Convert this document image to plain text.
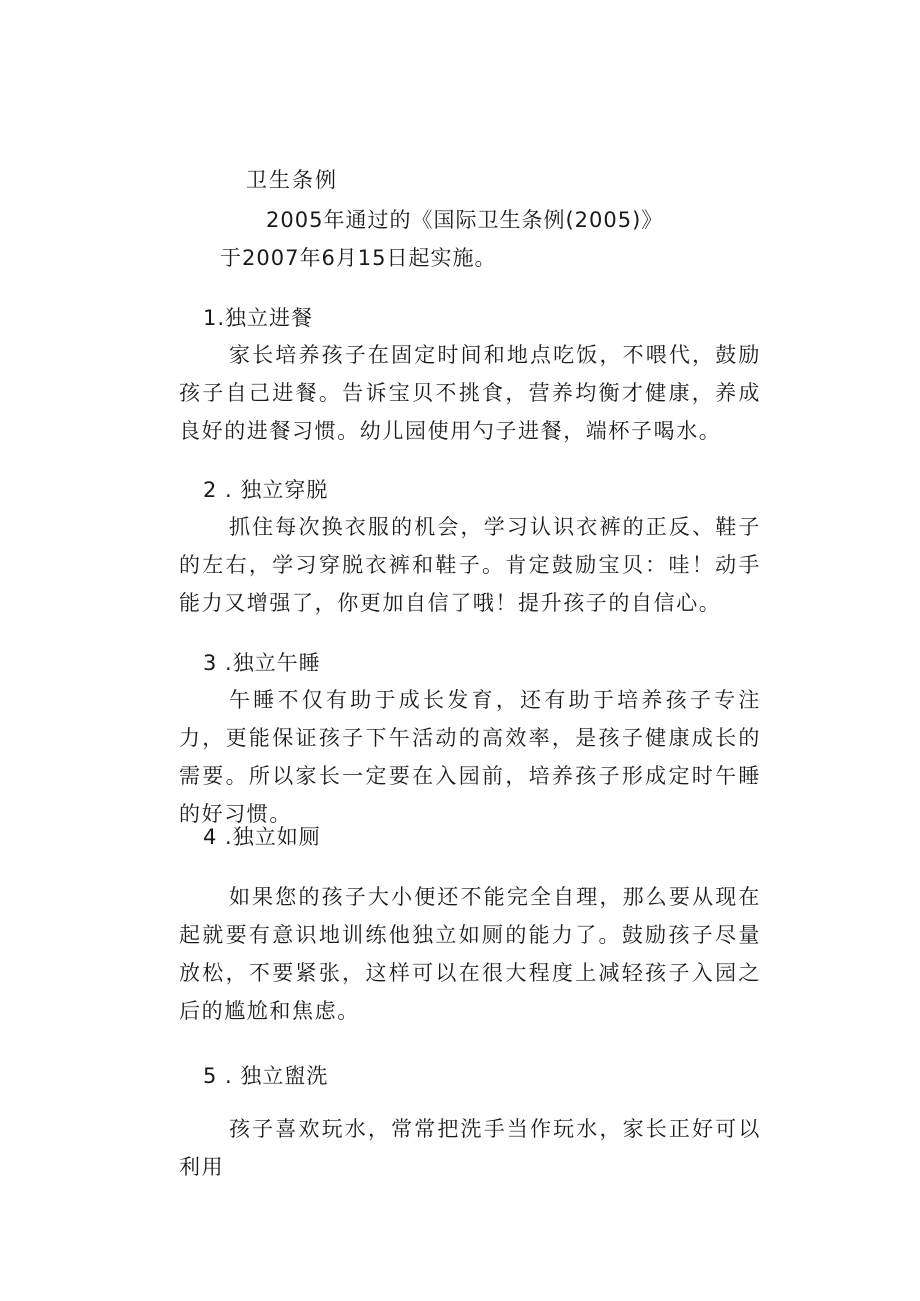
卫生条例
2005年通过的《国际卫生条例(2005)》
于2007年6月15日起实施。
1.独立进餐
家长培养孩子在固定时间和地点吃饭，不喂代，鼓励孩子自己进餐。告诉宝贝不挑食，营养均衡才健康，养成良好的进餐习惯。幼儿园使用勺子进餐，端杯子喝水。
2 . 独立穿脱
抓住每次换衣服的机会，学习认识衣裤的正反、鞋子的左右，学习穿脱衣裤和鞋子。肯定鼓励宝贝：哇！动手能力又增强了，你更加自信了哦！提升孩子的自信心。
3 .独立午睡
午睡不仅有助于成长发育，还有助于培养孩子专注力，更能保证孩子下午活动的高效率，是孩子健康成长的需要。所以家长一定要在入园前，培养孩子形成定时午睡的好习惯。
4 .独立如厕
如果您的孩子大小便还不能完全自理，那么要从现在起就要有意识地训练他独立如厕的能力了。鼓励孩子尽量放松，不要紧张，这样可以在很大程度上减轻孩子入园之后的尴尬和焦虑。
5 . 独立盥洗
孩子喜欢玩水，常常把洗手当作玩水，家长正好可以利用
